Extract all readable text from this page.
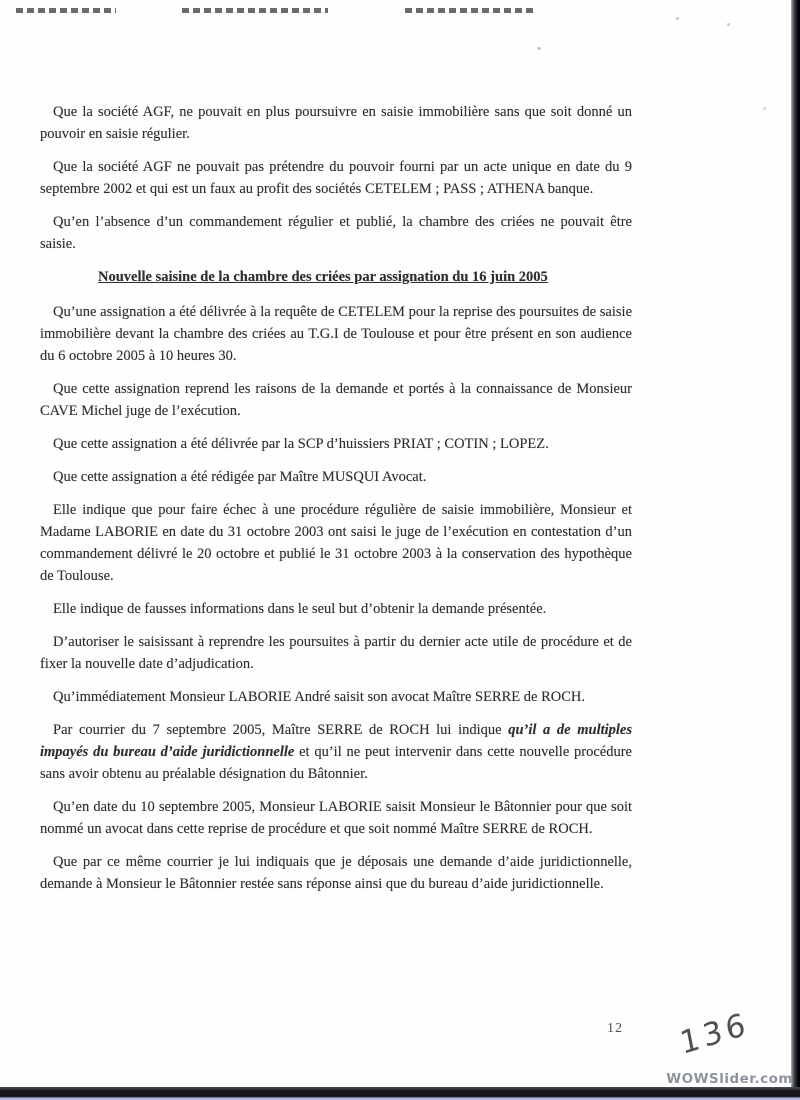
Que la société AGF, ne pouvait en plus poursuivre en saisie immobilière sans que soit donné un pouvoir en saisie régulier.

Que la société AGF ne pouvait pas prétendre du pouvoir fourni par un acte unique en date du 9 septembre 2002 et qui est un faux au profit des sociétés CETELEM ; PASS ; ATHENA banque.

Qu’en l’absence d’un commandement régulier et publié, la chambre des criées ne pouvait être saisie.

Nouvelle saisine de la chambre des criées par assignation du 16 juin 2005

Qu’une assignation a été délivrée à la requête de CETELEM pour la reprise des poursuites de saisie immobilière devant la chambre des criées au T.G.I de Toulouse et pour être présent en son audience du 6 octobre 2005 à 10 heures 30.

Que cette assignation reprend les raisons de la demande et portés à la connaissance de Monsieur CAVE Michel juge de l’exécution.

Que cette assignation a été délivrée par la SCP d’huissiers PRIAT ; COTIN ; LOPEZ.

Que cette assignation a été rédigée par Maître MUSQUI Avocat.

Elle indique que pour faire échec à une procédure régulière de saisie immobilière, Monsieur et Madame LABORIE en date du 31 octobre 2003 ont saisi le juge de l’exécution en contestation d’un commandement délivré le 20 octobre et publié le 31 octobre 2003 à la conservation des hypothèque de Toulouse.

Elle indique de fausses informations dans le seul but d’obtenir la demande présentée.

D’autoriser le saisissant à reprendre les poursuites à partir du dernier acte utile de procédure et de fixer la nouvelle date d’adjudication.

Qu’immédiatement Monsieur LABORIE André saisit son avocat Maître SERRE de ROCH.

Par courrier du 7 septembre 2005, Maître SERRE de ROCH lui indique qu’il a de multiples impayés du bureau d’aide juridictionnelle et qu’il ne peut intervenir dans cette nouvelle procédure sans avoir obtenu au préalable désignation du Bâtonnier.

Qu’en date du 10 septembre 2005, Monsieur LABORIE saisit Monsieur le Bâtonnier pour que soit nommé un avocat dans cette reprise de procédure et que soit nommé Maître SERRE de ROCH.

Que par ce même courrier je lui indiquais que je déposais une demande d’aide juridictionnelle, demande à Monsieur le Bâtonnier restée sans réponse ainsi que du bureau d’aide juridictionnelle.

12 136
WOWSlider.com
